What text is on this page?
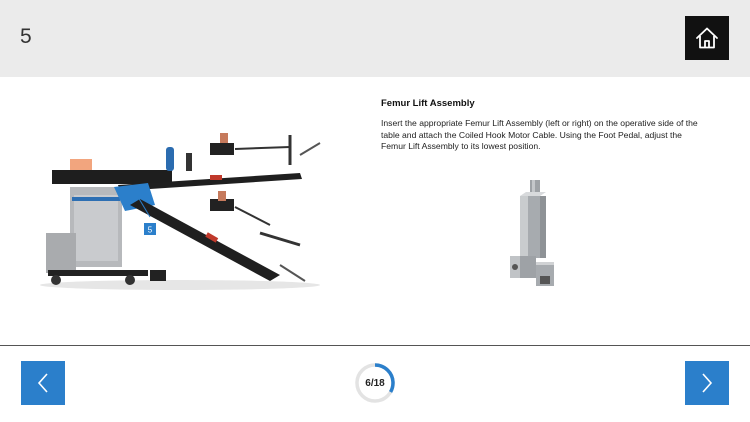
5
5
Femur Lift Assembly
Insert the appropriate Femur Lift Assembly (left or right) on the operative side of the table and attach the Coiled Hook Motor Cable. Using the Foot Pedal, adjust the Femur Lift Assembly to its lowest position.
6/18
